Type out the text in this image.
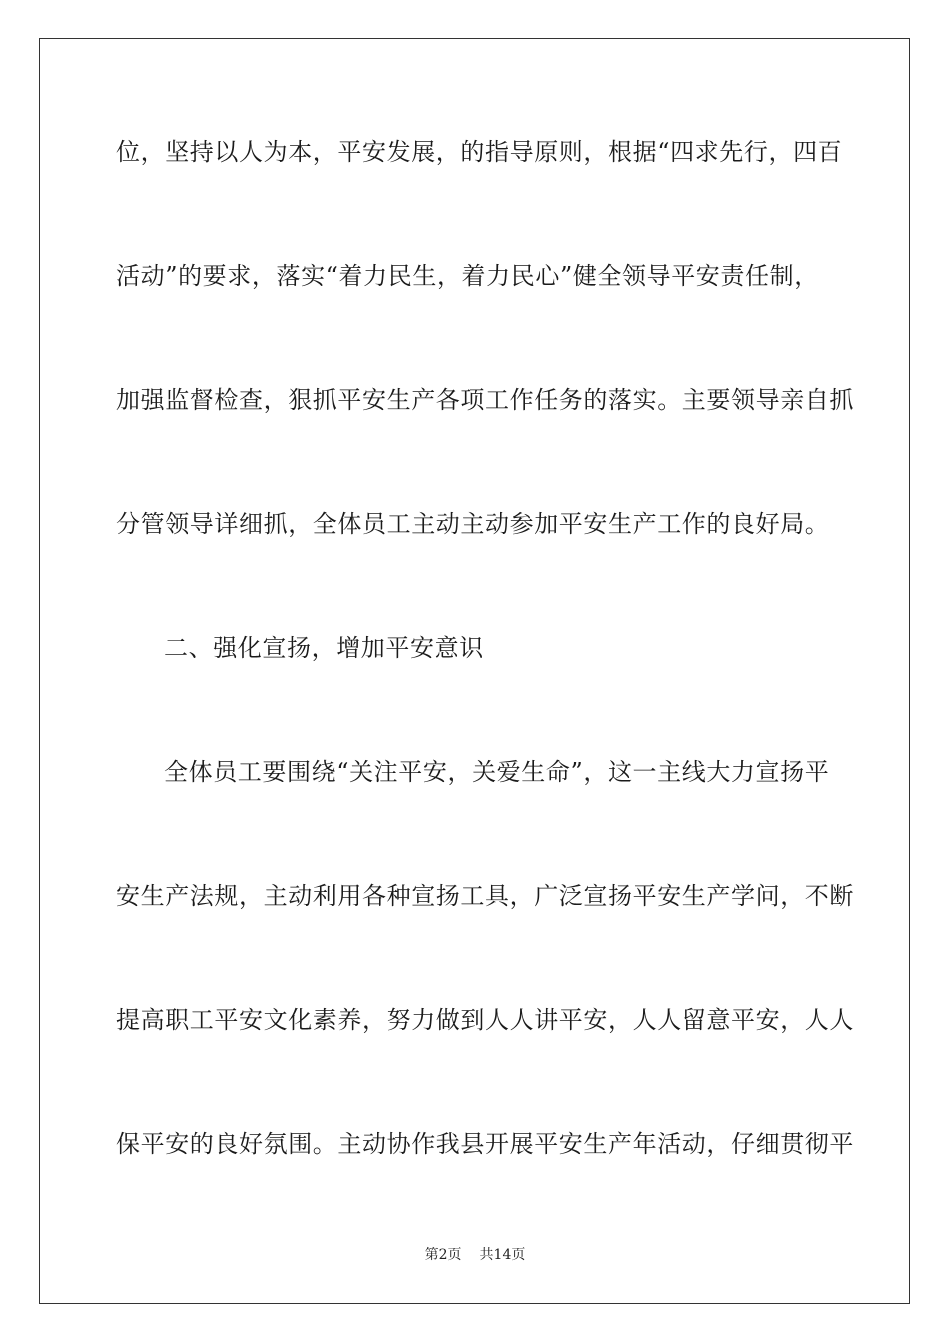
位，坚持以人为本，平安发展，的指导原则，根据“四求先行，四百
活动”的要求，落实“着力民生，着力民心”健全领导平安责任制，
加强监督检查，狠抓平安生产各项工作任务的落实。主要领导亲自抓
分管领导详细抓，全体员工主动主动参加平安生产工作的良好局。
二、强化宣扬，增加平安意识
全体员工要围绕“关注平安，关爱生命”，这一主线大力宣扬平
安生产法规，主动利用各种宣扬工具，广泛宣扬平安生产学问，不断
提高职工平安文化素养，努力做到人人讲平安，人人留意平安，人人
保平安的良好氛围。主动协作我县开展平安生产年活动，仔细贯彻平
第2页 共14页
